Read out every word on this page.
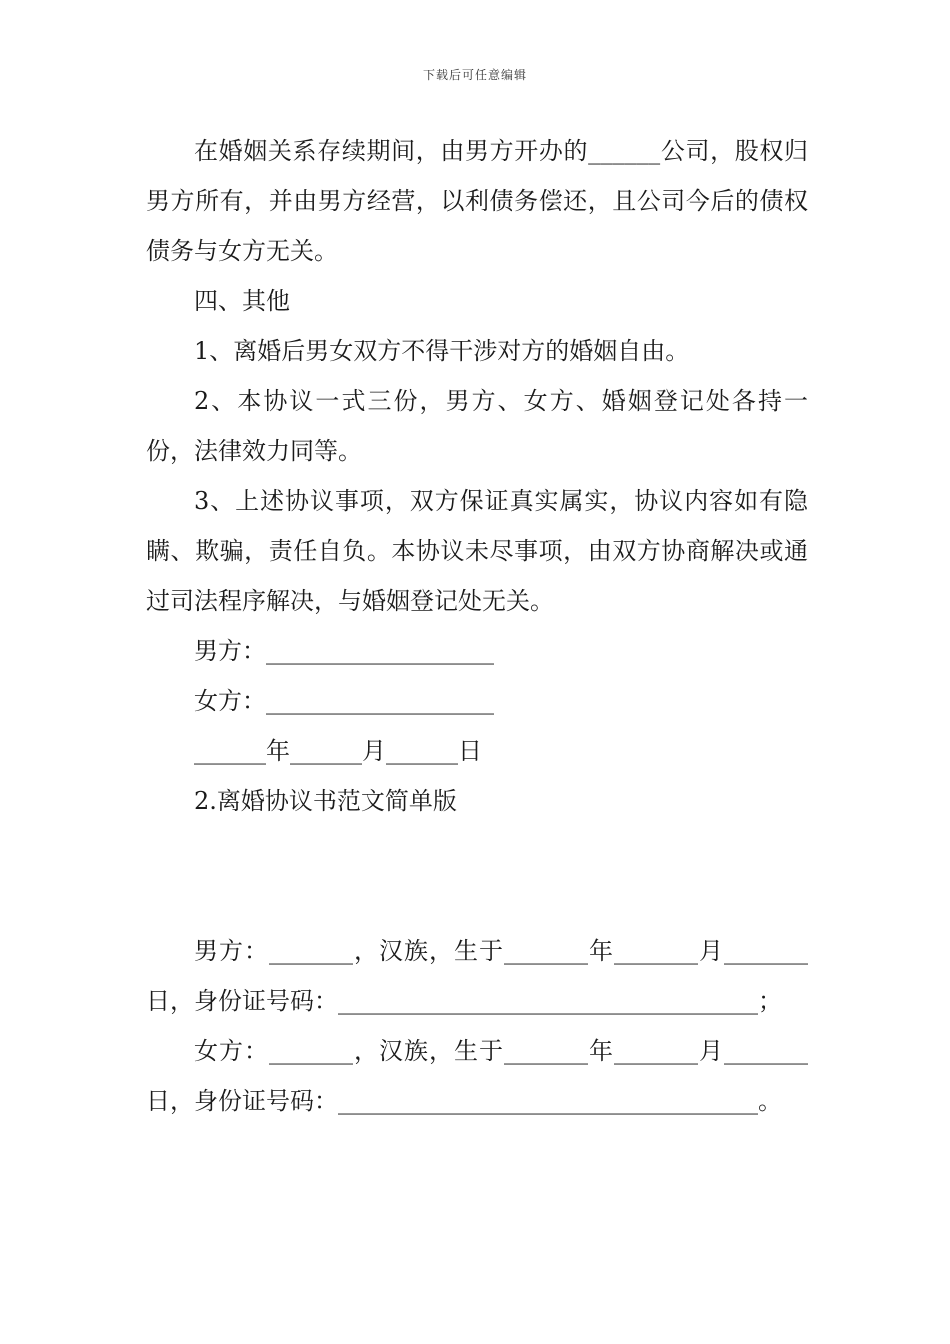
下载后可任意编辑

在婚姻关系存续期间，由男方开办的______公司，股权归男方所有，并由男方经营，以利债务偿还，且公司今后的债权债务与女方无关。

四、其他

1、离婚后男女双方不得干涉对方的婚姻自由。

2、本协议一式三份，男方、女方、婚姻登记处各持一份，法律效力同等。

3、上述协议事项，双方保证真实属实，协议内容如有隐瞒、欺骗，责任自负。本协议未尽事项，由双方协商解决或通过司法程序解决，与婚姻登记处无关。

男方：___________________

女方：___________________

______年______月______日

2.离婚协议书范文简单版

男方：_______，汉族，生于_______年_______月_______日，身份证号码：___________________________________；

女方：_______，汉族，生于_______年_______月_______日，身份证号码：___________________________________。
